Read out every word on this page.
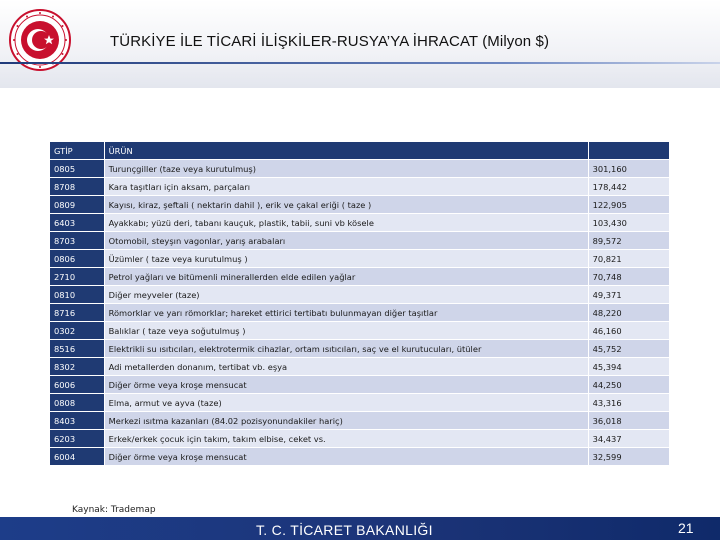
TÜRKİYE İLE TİCARİ İLİŞKİLER-RUSYA’YA İHRACAT (Milyon $)
GTİP	ÜRÜN	
0805	Turunçgiller (taze veya kurutulmuş)	301,160
8708	Kara taşıtları için aksam, parçaları	178,442
0809	Kayısı, kiraz, şeftali ( nektarin dahil ), erik ve çakal eriği ( taze )	122,905
6403	Ayakkabı; yüzü deri, tabanı kauçuk, plastik, tabii, suni vb kösele	103,430
8703	Otomobil, steyşın vagonlar, yarış arabaları	89,572
0806	Üzümler ( taze veya kurutulmuş )	70,821
2710	Petrol yağları ve bitümenli minerallerden elde edilen yağlar	70,748
0810	Diğer meyveler (taze)	49,371
8716	Römorklar ve yarı römorklar; hareket ettirici tertibatı bulunmayan diğer taşıtlar	48,220
0302	Balıklar ( taze veya soğutulmuş )	46,160
8516	Elektrikli su ısıtıcıları, elektrotermik cihazlar, ortam ısıtıcıları, saç ve el kurutucuları, ütüler	45,752
8302	Adi metallerden donanım, tertibat vb. eşya	45,394
6006	Diğer örme veya kroşe mensucat	44,250
0808	Elma, armut ve ayva (taze)	43,316
8403	Merkezi ısıtma kazanları (84.02 pozisyonundakiler hariç)	36,018
6203	Erkek/erkek çocuk için takım, takım elbise, ceket vs.	34,437
6004	Diğer örme veya kroşe mensucat	32,599
Kaynak: Trademap
T. C. TİCARET BAKANLIĞI	21
